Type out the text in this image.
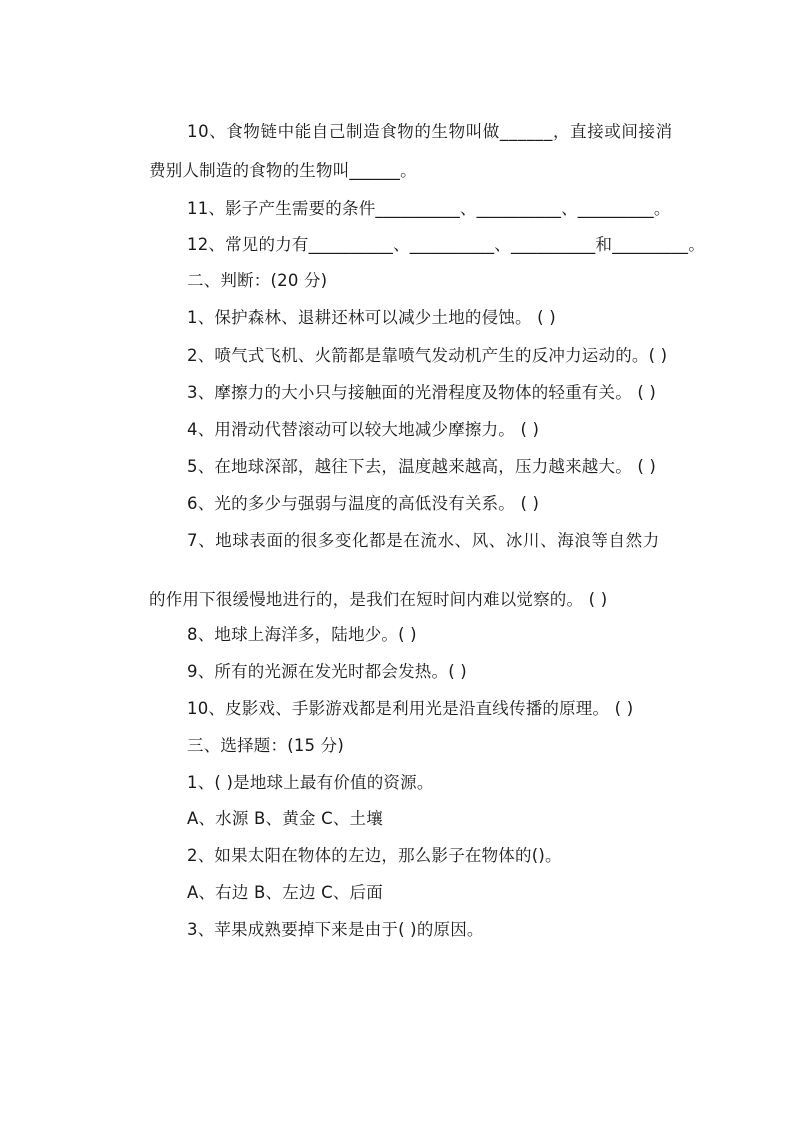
10、食物链中能自己制造食物的生物叫做______，直接或间接消
费别人制造的食物的生物叫______。
11、影子产生需要的条件__________、__________、_________。
12、常见的力有__________、__________、__________和_________。
二、判断：(20 分)
1、保护森林、退耕还林可以减少土地的侵蚀。 ( )
2、喷气式飞机、火箭都是靠喷气发动机产生的反冲力运动的。( )
3、摩擦力的大小只与接触面的光滑程度及物体的轻重有关。 ( )
4、用滑动代替滚动可以较大地减少摩擦力。 ( )
5、在地球深部，越往下去，温度越来越高，压力越来越大。 ( )
6、光的多少与强弱与温度的高低没有关系。 ( )
7、地球表面的很多变化都是在流水、风、冰川、海浪等自然力
的作用下很缓慢地进行的，是我们在短时间内难以觉察的。 ( )
8、地球上海洋多，陆地少。( )
9、所有的光源在发光时都会发热。( )
10、皮影戏、手影游戏都是利用光是沿直线传播的原理。 ( )
三、选择题：(15 分)
1、( )是地球上最有价值的资源。
A、水源 B、黄金 C、土壤
2、如果太阳在物体的左边，那么影子在物体的()。
A、右边 B、左边 C、后面
3、苹果成熟要掉下来是由于( )的原因。
